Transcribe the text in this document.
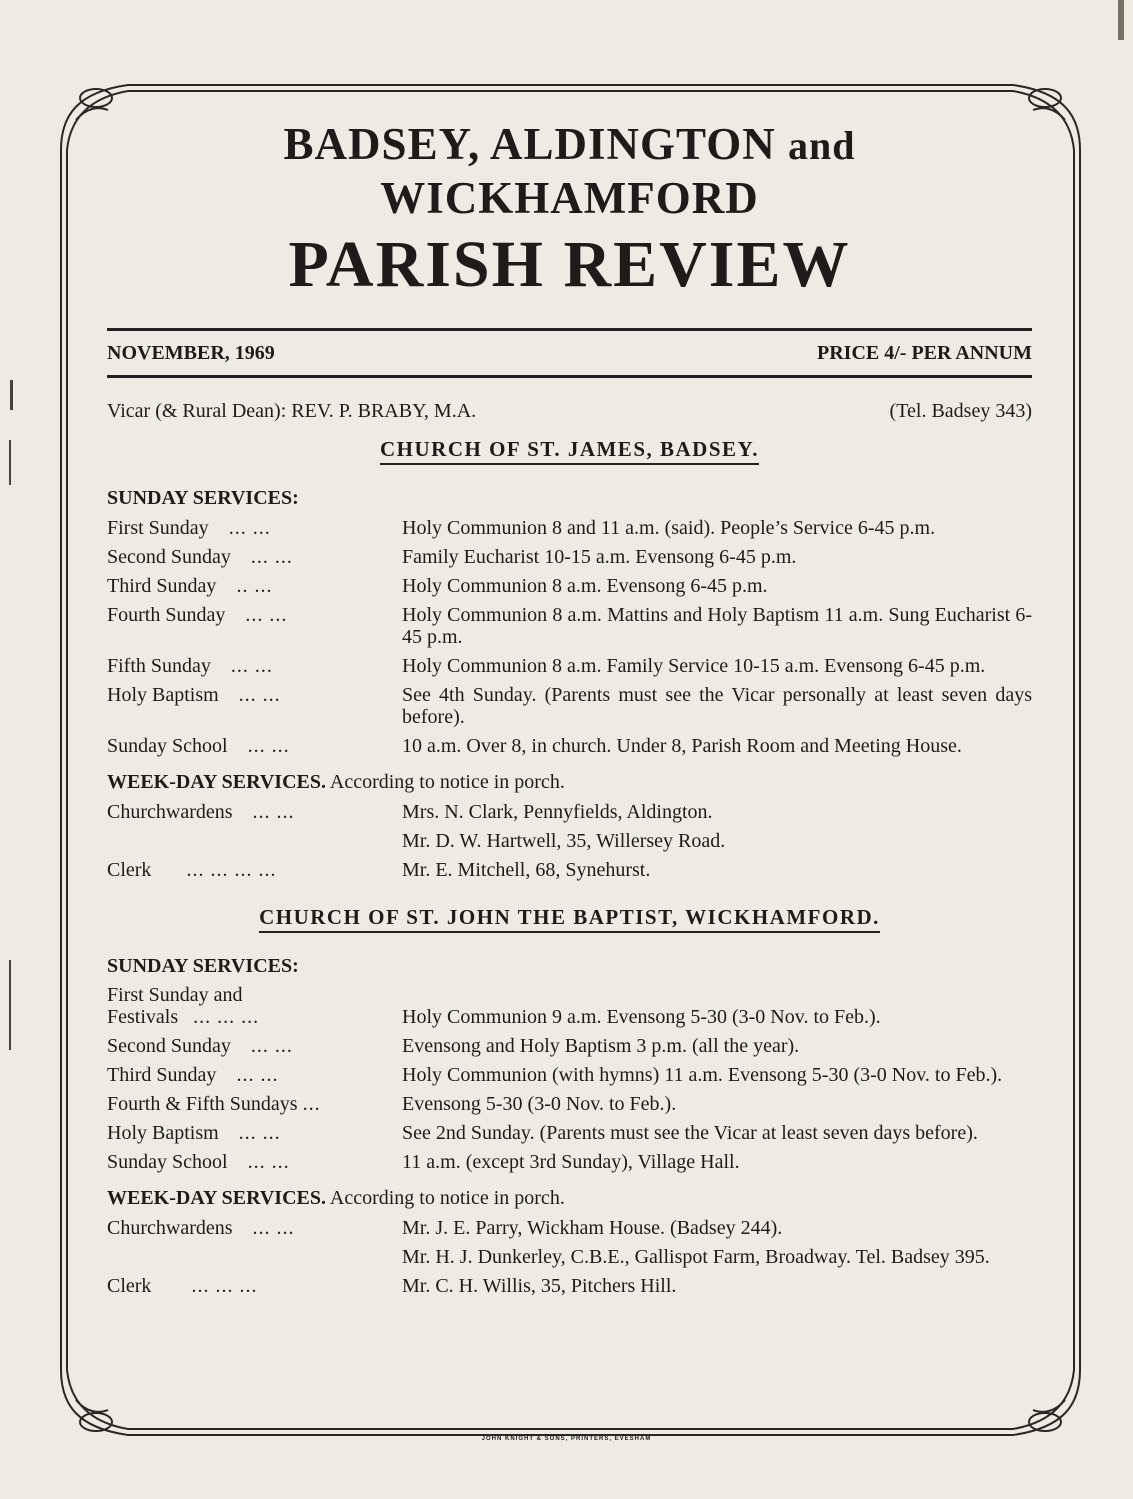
BADSEY, ALDINGTON and WICKHAMFORD
PARISH REVIEW
NOVEMBER, 1969	PRICE 4/- PER ANNUM
Vicar (& Rural Dean): REV. P. BRABY, M.A.	(Tel. Badsey 343)
CHURCH OF ST. JAMES, BADSEY.
SUNDAY SERVICES:
First Sunday ... ...	Holy Communion 8 and 11 a.m. (said). People’s Service 6-45 p.m.
Second Sunday ... ...	Family Eucharist 10-15 a.m. Evensong 6-45 p.m.
Third Sunday .. ...	Holy Communion 8 a.m. Evensong 6-45 p.m.
Fourth Sunday ... ...	Holy Communion 8 a.m. Mattins and Holy Baptism 11 a.m. Sung Eucharist 6-45 p.m.
Fifth Sunday ... ...	Holy Communion 8 a.m. Family Service 10-15 a.m. Evensong 6-45 p.m.
Holy Baptism ... ...	See 4th Sunday. (Parents must see the Vicar personally at least seven days before).
Sunday School ... ...	10 a.m. Over 8, in church. Under 8, Parish Room and Meeting House.
WEEK-DAY SERVICES. According to notice in porch.
Churchwardens ... ...	Mrs. N. Clark, Pennyfields, Aldington.
Mr. D. W. Hartwell, 35, Willersey Road.
Clerk ... ... ... ...	Mr. E. Mitchell, 68, Synehurst.
CHURCH OF ST. JOHN THE BAPTIST, WICKHAMFORD.
SUNDAY SERVICES:
First Sunday and
Festivals ... ... ...	Holy Communion 9 a.m. Evensong 5-30 (3-0 Nov. to Feb.).
Second Sunday ... ...	Evensong and Holy Baptism 3 p.m. (all the year).
Third Sunday ... ...	Holy Communion (with hymns) 11 a.m. Evensong 5-30 (3-0 Nov. to Feb.).
Fourth & Fifth Sundays ...	Evensong 5-30 (3-0 Nov. to Feb.).
Holy Baptism ... ...	See 2nd Sunday. (Parents must see the Vicar at least seven days before).
Sunday School ... ...	11 a.m. (except 3rd Sunday), Village Hall.
WEEK-DAY SERVICES. According to notice in porch.
Churchwardens ... ...	Mr. J. E. Parry, Wickham House. (Badsey 244).
Mr. H. J. Dunkerley, C.B.E., Gallispot Farm, Broadway. Tel. Badsey 395.
Clerk ... ... ...	Mr. C. H. Willis, 35, Pitchers Hill.
JOHN KNIGHT & SONS, PRINTERS, EVESHAM
